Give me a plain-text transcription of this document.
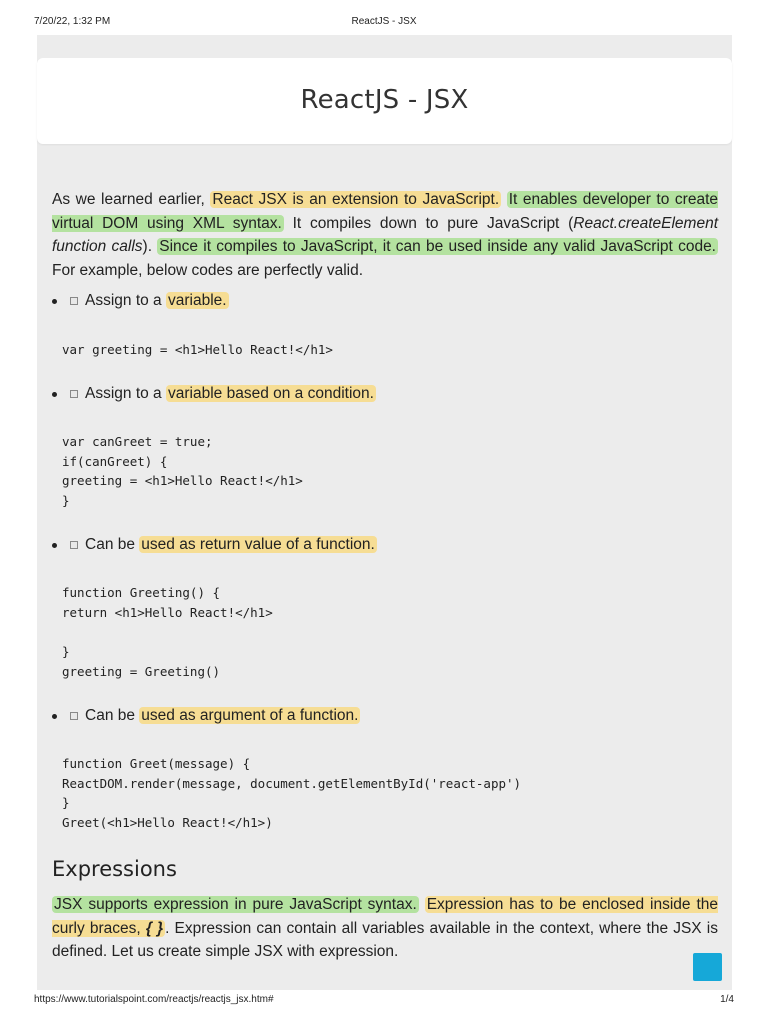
7/20/22, 1:32 PM	ReactJS - JSX
ReactJS - JSX
As we learned earlier, React JSX is an extension to JavaScript. It enables developer to create virtual DOM using XML syntax. It compiles down to pure JavaScript (React.createElement function calls). Since it compiles to JavaScript, it can be used inside any valid JavaScript code. For example, below codes are perfectly valid.
Assign to a variable.
var greeting = <h1>Hello React!</h1>
Assign to a variable based on a condition.
var canGreet = true;
if(canGreet) {
greeting = <h1>Hello React!</h1>
}
Can be used as return value of a function.
function Greeting() {
return <h1>Hello React!</h1>

}
greeting = Greeting()
Can be used as argument of a function.
function Greet(message) {
ReactDOM.render(message, document.getElementById('react-app')
}
Greet(<h1>Hello React!</h1>)
Expressions
JSX supports expression in pure JavaScript syntax. Expression has to be enclosed inside the curly braces, { } . Expression can contain all variables available in the context, where the JSX is defined. Let us create simple JSX with expression.
https://www.tutorialspoint.com/reactjs/reactjs_jsx.htm#	1/4
